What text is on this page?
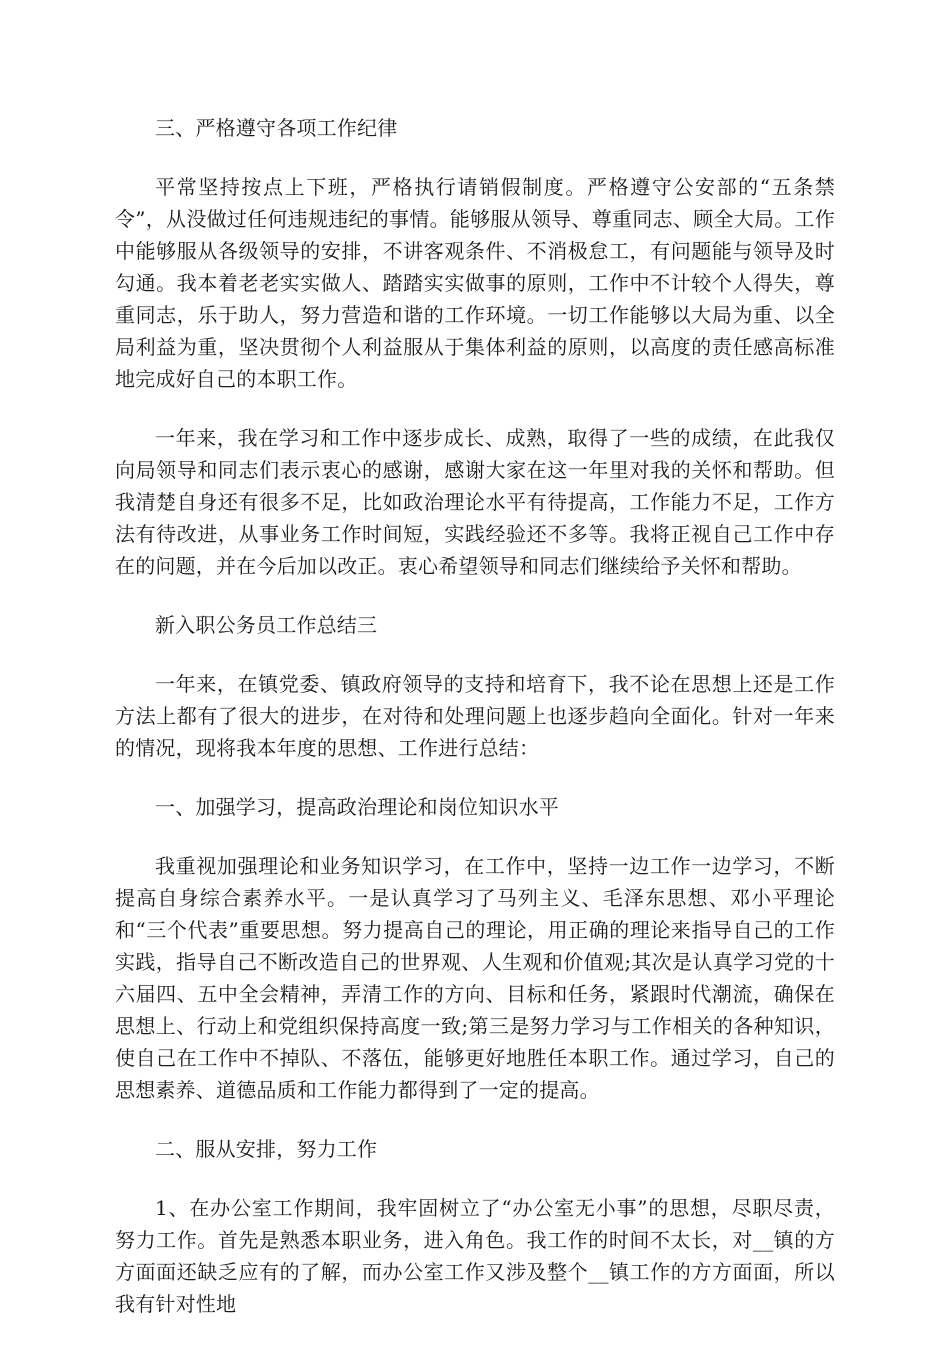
三、严格遵守各项工作纪律

平常坚持按点上下班，严格执行请销假制度。严格遵守公安部的“五条禁令”，从没做过任何违规违纪的事情。能够服从领导、尊重同志、顾全大局。工作中能够服从各级领导的安排，不讲客观条件、不消极怠工，有问题能与领导及时勾通。我本着老老实实做人、踏踏实实做事的原则，工作中不计较个人得失，尊重同志，乐于助人，努力营造和谐的工作环境。一切工作能够以大局为重、以全局利益为重，坚决贯彻个人利益服从于集体利益的原则，以高度的责任感高标准地完成好自己的本职工作。

一年来，我在学习和工作中逐步成长、成熟，取得了一些的成绩，在此我仅向局领导和同志们表示衷心的感谢，感谢大家在这一年里对我的关怀和帮助。但我清楚自身还有很多不足，比如政治理论水平有待提高，工作能力不足，工作方法有待改进，从事业务工作时间短，实践经验还不多等。我将正视自己工作中存在的问题，并在今后加以改正。衷心希望领导和同志们继续给予关怀和帮助。

新入职公务员工作总结三

一年来，在镇党委、镇政府领导的支持和培育下，我不论在思想上还是工作方法上都有了很大的进步，在对待和处理问题上也逐步趋向全面化。针对一年来的情况，现将我本年度的思想、工作进行总结：

一、加强学习，提高政治理论和岗位知识水平

我重视加强理论和业务知识学习，在工作中，坚持一边工作一边学习，不断提高自身综合素养水平。一是认真学习了马列主义、毛泽东思想、邓小平理论和“三个代表”重要思想。努力提高自己的理论，用正确的理论来指导自己的工作实践，指导自己不断改造自己的世界观、人生观和价值观;其次是认真学习党的十六届四、五中全会精神，弄清工作的方向、目标和任务，紧跟时代潮流，确保在思想上、行动上和党组织保持高度一致;第三是努力学习与工作相关的各种知识，使自己在工作中不掉队、不落伍，能够更好地胜任本职工作。通过学习，自己的思想素养、道德品质和工作能力都得到了一定的提高。

二、服从安排，努力工作

1、在办公室工作期间，我牢固树立了“办公室无小事”的思想，尽职尽责，努力工作。首先是熟悉本职业务，进入角色。我工作的时间不太长，对__镇的方方面面还缺乏应有的了解，而办公室工作又涉及整个__镇工作的方方面面，所以我有针对性地
